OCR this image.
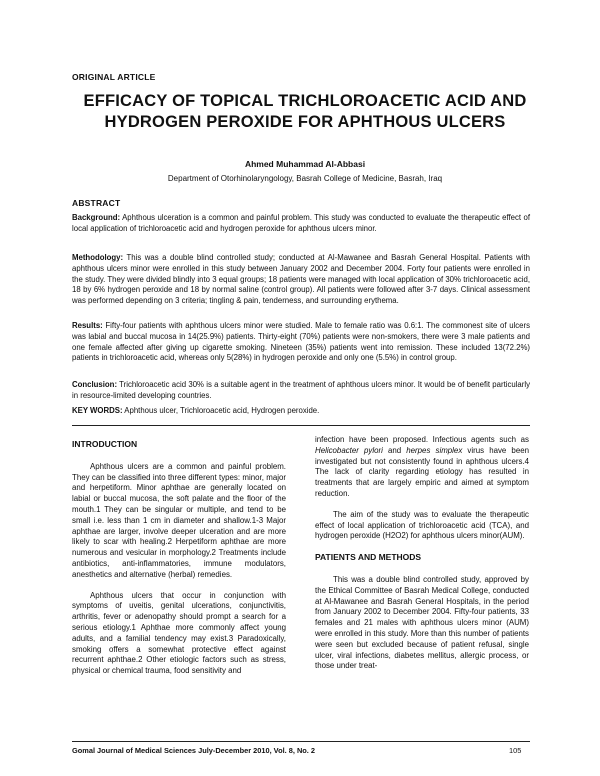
ORIGINAL ARTICLE
EFFICACY OF TOPICAL TRICHLOROACETIC ACID AND HYDROGEN PEROXIDE FOR APHTHOUS ULCERS
Ahmed Muhammad Al-Abbasi
Department of Otorhinolaryngology, Basrah College of Medicine, Basrah, Iraq
ABSTRACT
Background: Aphthous ulceration is a common and painful problem. This study was conducted to evaluate the therapeutic effect of local application of trichloroacetic acid and hydrogen peroxide for aphthous ulcers minor.
Methodology: This was a double blind controlled study; conducted at Al-Mawanee and Basrah General Hospital. Patients with aphthous ulcers minor were enrolled in this study between January 2002 and December 2004. Forty four patients were enrolled in the study. They were divided blindly into 3 equal groups; 18 patients were managed with local application of 30% trichloroacetic acid, 18 by 6% hydrogen peroxide and 18 by normal saline (control group). All patients were followed after 3-7 days. Clinical assessment was performed depending on 3 criteria; tingling & pain, tenderness, and surrounding erythema.
Results: Fifty-four patients with aphthous ulcers minor were studied. Male to female ratio was 0.6:1. The commonest site of ulcers was labial and buccal mucosa in 14(25.9%) patients. Thirty-eight (70%) patients were non-smokers, there were 3 male patients and one female affected after giving up cigarette smoking. Nineteen (35%) patients went into remission. These included 13(72.2%) patients in trichloroacetic acid, whereas only 5(28%) in hydrogen peroxide and only one (5.5%) in control group.
Conclusion: Trichloroacetic acid 30% is a suitable agent in the treatment of aphthous ulcers minor. It would be of benefit particularly in resource-limited developing countries.
KEY WORDS: Aphthous ulcer, Trichloroacetic acid, Hydrogen peroxide.
INTRODUCTION

Aphthous ulcers are a common and painful problem. They can be classified into three different types: minor, major and herpetiform. Minor aphthae are generally located on labial or buccal mucosa, the soft palate and the floor of the mouth.1 They can be singular or multiple, and tend to be small i.e. less than 1 cm in diameter and shallow.1-3 Major aphthae are larger, involve deeper ulceration and are more likely to scar with healing.2 Herpetiform aphthae are more numerous and vesicular in morphology.2 Treatments include antibiotics, anti-inflammatories, immune modulators, anesthetics and alternative (herbal) remedies.

Aphthous ulcers that occur in conjunction with symptoms of uveitis, genital ulcerations, conjunctivitis, arthritis, fever or adenopathy should prompt a search for a serious etiology.1 Aphthae more commonly affect young adults, and a familial tendency may exist.3 Paradoxically, smoking offers a somewhat protective effect against recurrent aphthae.2 Other etiologic factors such as stress, physical or chemical trauma, food sensitivity and

infection have been proposed. Infectious agents such as Helicobacter pylori and herpes simplex virus have been investigated but not consistently found in aphthous ulcers.4 The lack of clarity regarding etiology has resulted in treatments that are largely empiric and aimed at symptom reduction.

The aim of the study was to evaluate the therapeutic effect of local application of trichloroacetic acid (TCA), and hydrogen peroxide (H2O2) for aphthous ulcers minor(AUM).

PATIENTS AND METHODS

This was a double blind controlled study, approved by the Ethical Committee of Basrah Medical College, conducted at Al-Mawanee and Basrah General Hospitals, in the period from January 2002 to December 2004. Fifty-four patients, 33 females and 21 males with aphthous ulcers minor (AUM) were enrolled in this study. More than this number of patients were seen but excluded because of patient refusal, single ulcer, viral infections, diabetes mellitus, allergic process, or those under treat-

Gomal Journal of Medical Sciences July-December 2010, Vol. 8, No. 2	105
